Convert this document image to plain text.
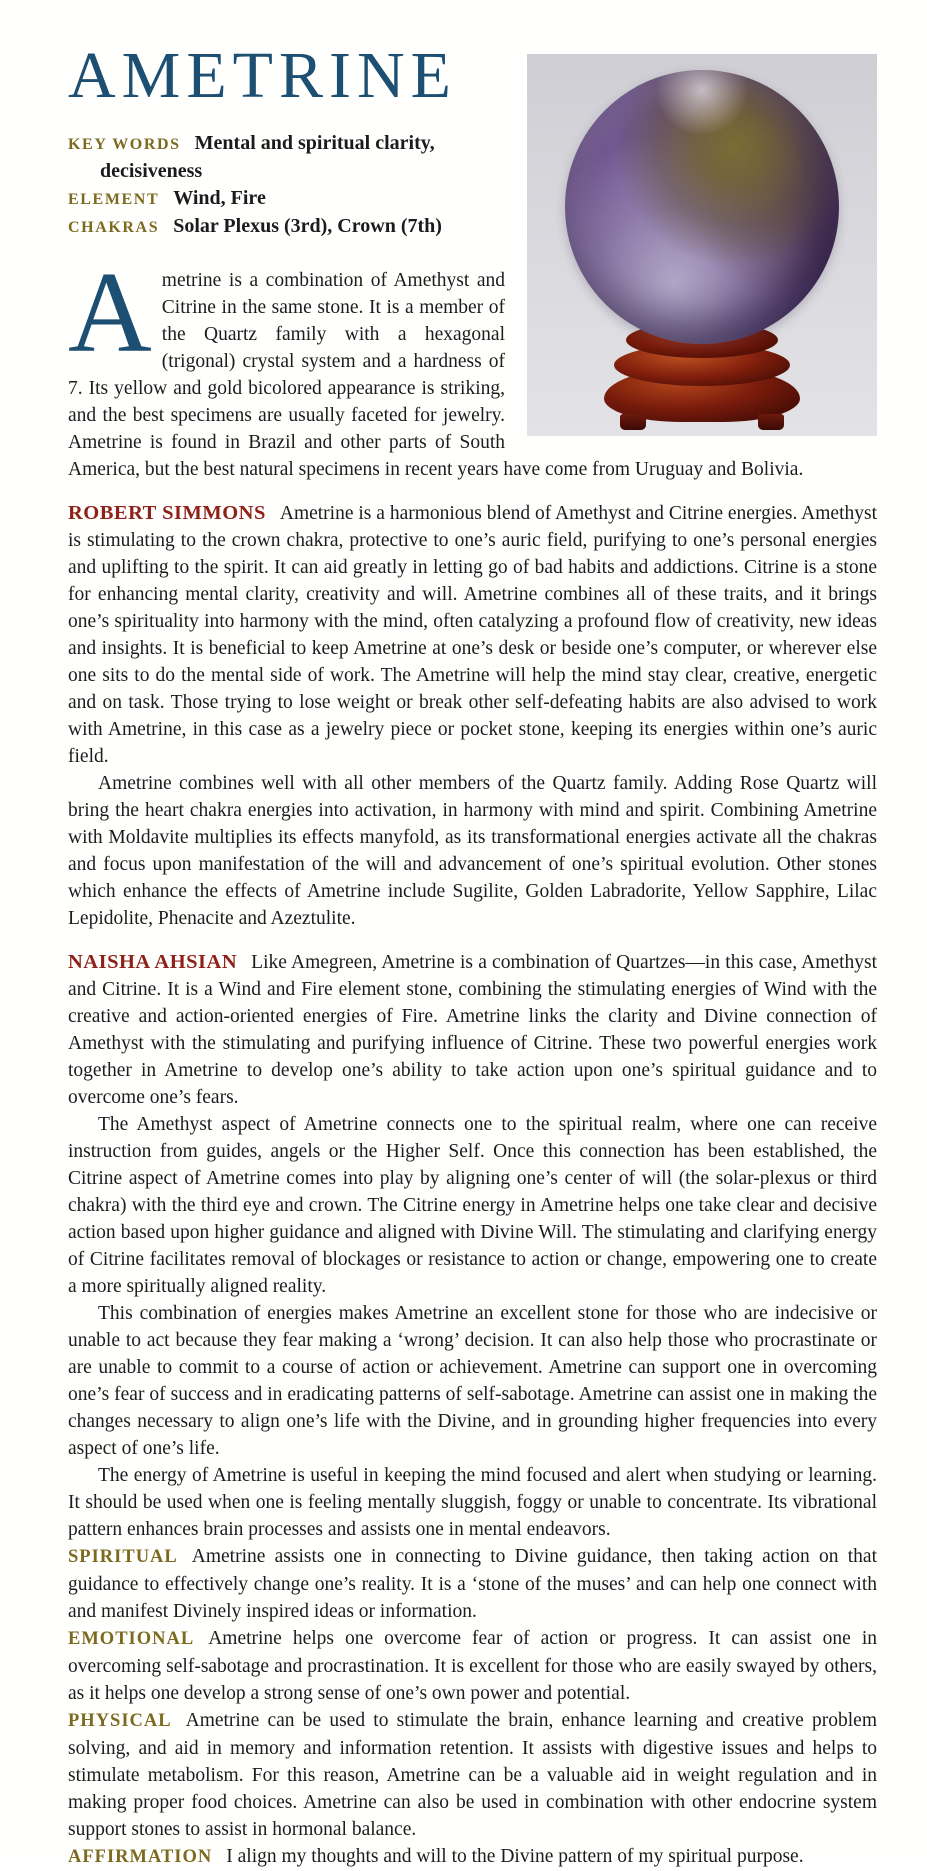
AMETRINE

KEY WORDS Mental and spiritual clarity, decisiveness

ELEMENT Wind, Fire

CHAKRAS Solar Plexus (3rd), Crown (7th)

Ametrine is a combination of Amethyst and Citrine in the same stone. It is a member of the Quartz family with a hexagonal (trigonal) crystal system and a hardness of 7. Its yellow and gold bicolored appearance is striking, and the best specimens are usually faceted for jewelry. Ametrine is found in Brazil and other parts of South America, but the best natural specimens in recent years have come from Uruguay and Bolivia.

ROBERT SIMMONS Ametrine is a harmonious blend of Amethyst and Citrine energies. Amethyst is stimulating to the crown chakra, protective to one’s auric field, purifying to one’s personal energies and uplifting to the spirit. It can aid greatly in letting go of bad habits and addictions. Citrine is a stone for enhancing mental clarity, creativity and will. Ametrine combines all of these traits, and it brings one’s spirituality into harmony with the mind, often catalyzing a profound flow of creativity, new ideas and insights. It is beneficial to keep Ametrine at one’s desk or beside one’s computer, or wherever else one sits to do the mental side of work. The Ametrine will help the mind stay clear, creative, energetic and on task. Those trying to lose weight or break other self-defeating habits are also advised to work with Ametrine, in this case as a jewelry piece or pocket stone, keeping its energies within one’s auric field.

Ametrine combines well with all other members of the Quartz family. Adding Rose Quartz will bring the heart chakra energies into activation, in harmony with mind and spirit. Combining Ametrine with Moldavite multiplies its effects manyfold, as its transformational energies activate all the chakras and focus upon manifestation of the will and advancement of one’s spiritual evolution. Other stones which enhance the effects of Ametrine include Sugilite, Golden Labradorite, Yellow Sapphire, Lilac Lepidolite, Phenacite and Azeztulite.

NAISHA AHSIAN Like Amegreen, Ametrine is a combination of Quartzes—in this case, Amethyst and Citrine. It is a Wind and Fire element stone, combining the stimulating energies of Wind with the creative and action-oriented energies of Fire. Ametrine links the clarity and Divine connection of Amethyst with the stimulating and purifying influence of Citrine. These two powerful energies work together in Ametrine to develop one’s ability to take action upon one’s spiritual guidance and to overcome one’s fears.

The Amethyst aspect of Ametrine connects one to the spiritual realm, where one can receive instruction from guides, angels or the Higher Self. Once this connection has been established, the Citrine aspect of Ametrine comes into play by aligning one’s center of will (the solar-plexus or third chakra) with the third eye and crown. The Citrine energy in Ametrine helps one take clear and decisive action based upon higher guidance and aligned with Divine Will. The stimulating and clarifying energy of Citrine facilitates removal of blockages or resistance to action or change, empowering one to create a more spiritually aligned reality.

This combination of energies makes Ametrine an excellent stone for those who are indecisive or unable to act because they fear making a ‘wrong’ decision. It can also help those who procrastinate or are unable to commit to a course of action or achievement. Ametrine can support one in overcoming one’s fear of success and in eradicating patterns of self-sabotage. Ametrine can assist one in making the changes necessary to align one’s life with the Divine, and in grounding higher frequencies into every aspect of one’s life.

The energy of Ametrine is useful in keeping the mind focused and alert when studying or learning. It should be used when one is feeling mentally sluggish, foggy or unable to concentrate. Its vibrational pattern enhances brain processes and assists one in mental endeavors.

SPIRITUAL Ametrine assists one in connecting to Divine guidance, then taking action on that guidance to effectively change one’s reality. It is a ‘stone of the muses’ and can help one connect with and manifest Divinely inspired ideas or information.

EMOTIONAL Ametrine helps one overcome fear of action or progress. It can assist one in overcoming self-sabotage and procrastination. It is excellent for those who are easily swayed by others, as it helps one develop a strong sense of one’s own power and potential.

PHYSICAL Ametrine can be used to stimulate the brain, enhance learning and creative problem solving, and aid in memory and information retention. It assists with digestive issues and helps to stimulate metabolism. For this reason, Ametrine can be a valuable aid in weight regulation and in making proper food choices. Ametrine can also be used in combination with other endocrine system support stones to assist in hormonal balance.

AFFIRMATION I align my thoughts and will to the Divine pattern of my spiritual purpose.
